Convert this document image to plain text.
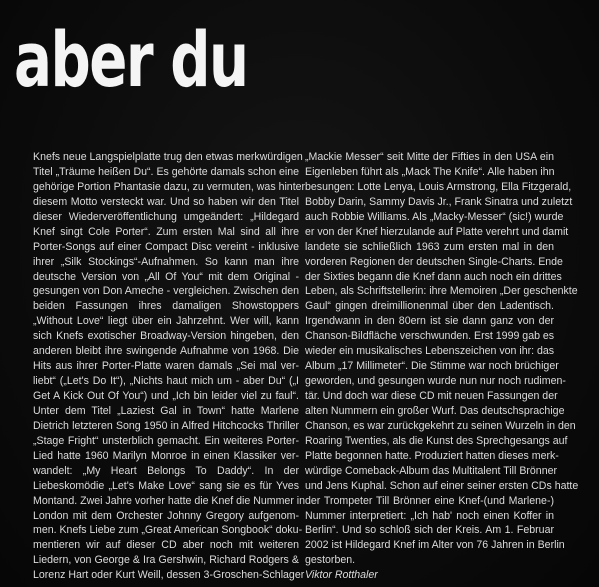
aber du
Knefs neue Langspielplatte trug den etwas merkwürdigen
Titel „Träume heißen Du“. Es gehörte damals schon eine
gehörige Portion Phantasie dazu, zu vermuten, was hinter
diesem Motto versteckt war. Und so haben wir den Titel
dieser Wiederveröffentlichung umgeändert: „Hildegard
Knef singt Cole Porter“. Zum ersten Mal sind all ihre
Porter-Songs auf einer Compact Disc vereint - inklusive
ihrer „Silk Stockings“-Aufnahmen. So kann man ihre
deutsche Version von „All Of You“ mit dem Original -
gesungen von Don Ameche - vergleichen. Zwischen den
beiden Fassungen ihres damaligen Showstoppers
„Without Love“ liegt über ein Jahrzehnt. Wer will, kann
sich Knefs exotischer Broadway-Version hingeben, den
anderen bleibt ihre swingende Aufnahme von 1968. Die
Hits aus ihrer Porter-Platte waren damals „Sei mal ver-
liebt“ („Let's Do It“), „Nichts haut mich um - aber Du“ („I
Get A Kick Out Of You“) und „Ich bin leider viel zu faul“.
Unter dem Titel „Laziest Gal in Town“ hatte Marlene
Dietrich letzteren Song 1950 in Alfred Hitchcocks Thriller
„Stage Fright“ unsterblich gemacht. Ein weiteres Porter-
Lied hatte 1960 Marilyn Monroe in einen Klassiker ver-
wandelt: „My Heart Belongs To Daddy“. In der
Liebeskomödie „Let's Make Love“ sang sie es für Yves
Montand. Zwei Jahre vorher hatte die Knef die Nummer in
London mit dem Orchester Johnny Gregory aufgenom-
men. Knefs Liebe zum „Great American Songbook“ doku-
mentieren wir auf dieser CD aber noch mit weiteren
Liedern, von George & Ira Gershwin, Richard Rodgers &
Lorenz Hart oder Kurt Weill, dessen 3-Groschen-Schlager
„Mackie Messer“ seit Mitte der Fifties in den USA ein
Eigenleben führt als „Mack The Knife“. Alle haben ihn
besungen: Lotte Lenya, Louis Armstrong, Ella Fitzgerald,
Bobby Darin, Sammy Davis Jr., Frank Sinatra und zuletzt
auch Robbie Williams. Als „Macky-Messer“ (sic!) wurde
er von der Knef hierzulande auf Platte verehrt und damit
landete sie schließlich 1963 zum ersten mal in den
vorderen Regionen der deutschen Single-Charts. Ende
der Sixties begann die Knef dann auch noch ein drittes
Leben, als Schriftstellerin: ihre Memoiren „Der geschenkte
Gaul“ gingen dreimillionenmal über den Ladentisch.
Irgendwann in den 80ern ist sie dann ganz von der
Chanson-Bildfläche verschwunden. Erst 1999 gab es
wieder ein musikalisches Lebenszeichen von ihr: das
Album „17 Millimeter“. Die Stimme war noch brüchiger
geworden, und gesungen wurde nun nur noch rudimen-
tär. Und doch war diese CD mit neuen Fassungen der
alten Nummern ein großer Wurf. Das deutschsprachige
Chanson, es war zurückgekehrt zu seinen Wurzeln in den
Roaring Twenties, als die Kunst des Sprechgesangs auf
Platte begonnen hatte. Produziert hatten dieses merk-
würdige Comeback-Album das Multitalent Till Brönner
und Jens Kuphal. Schon auf einer seiner ersten CDs hatte
der Trompeter Till Brönner eine Knef-(und Marlene-)
Nummer interpretiert: „Ich hab' noch einen Koffer in
Berlin“. Und so schloß sich der Kreis. Am 1. Februar
2002 ist Hildegard Knef im Alter von 76 Jahren in Berlin
gestorben.
Viktor Rotthaler
